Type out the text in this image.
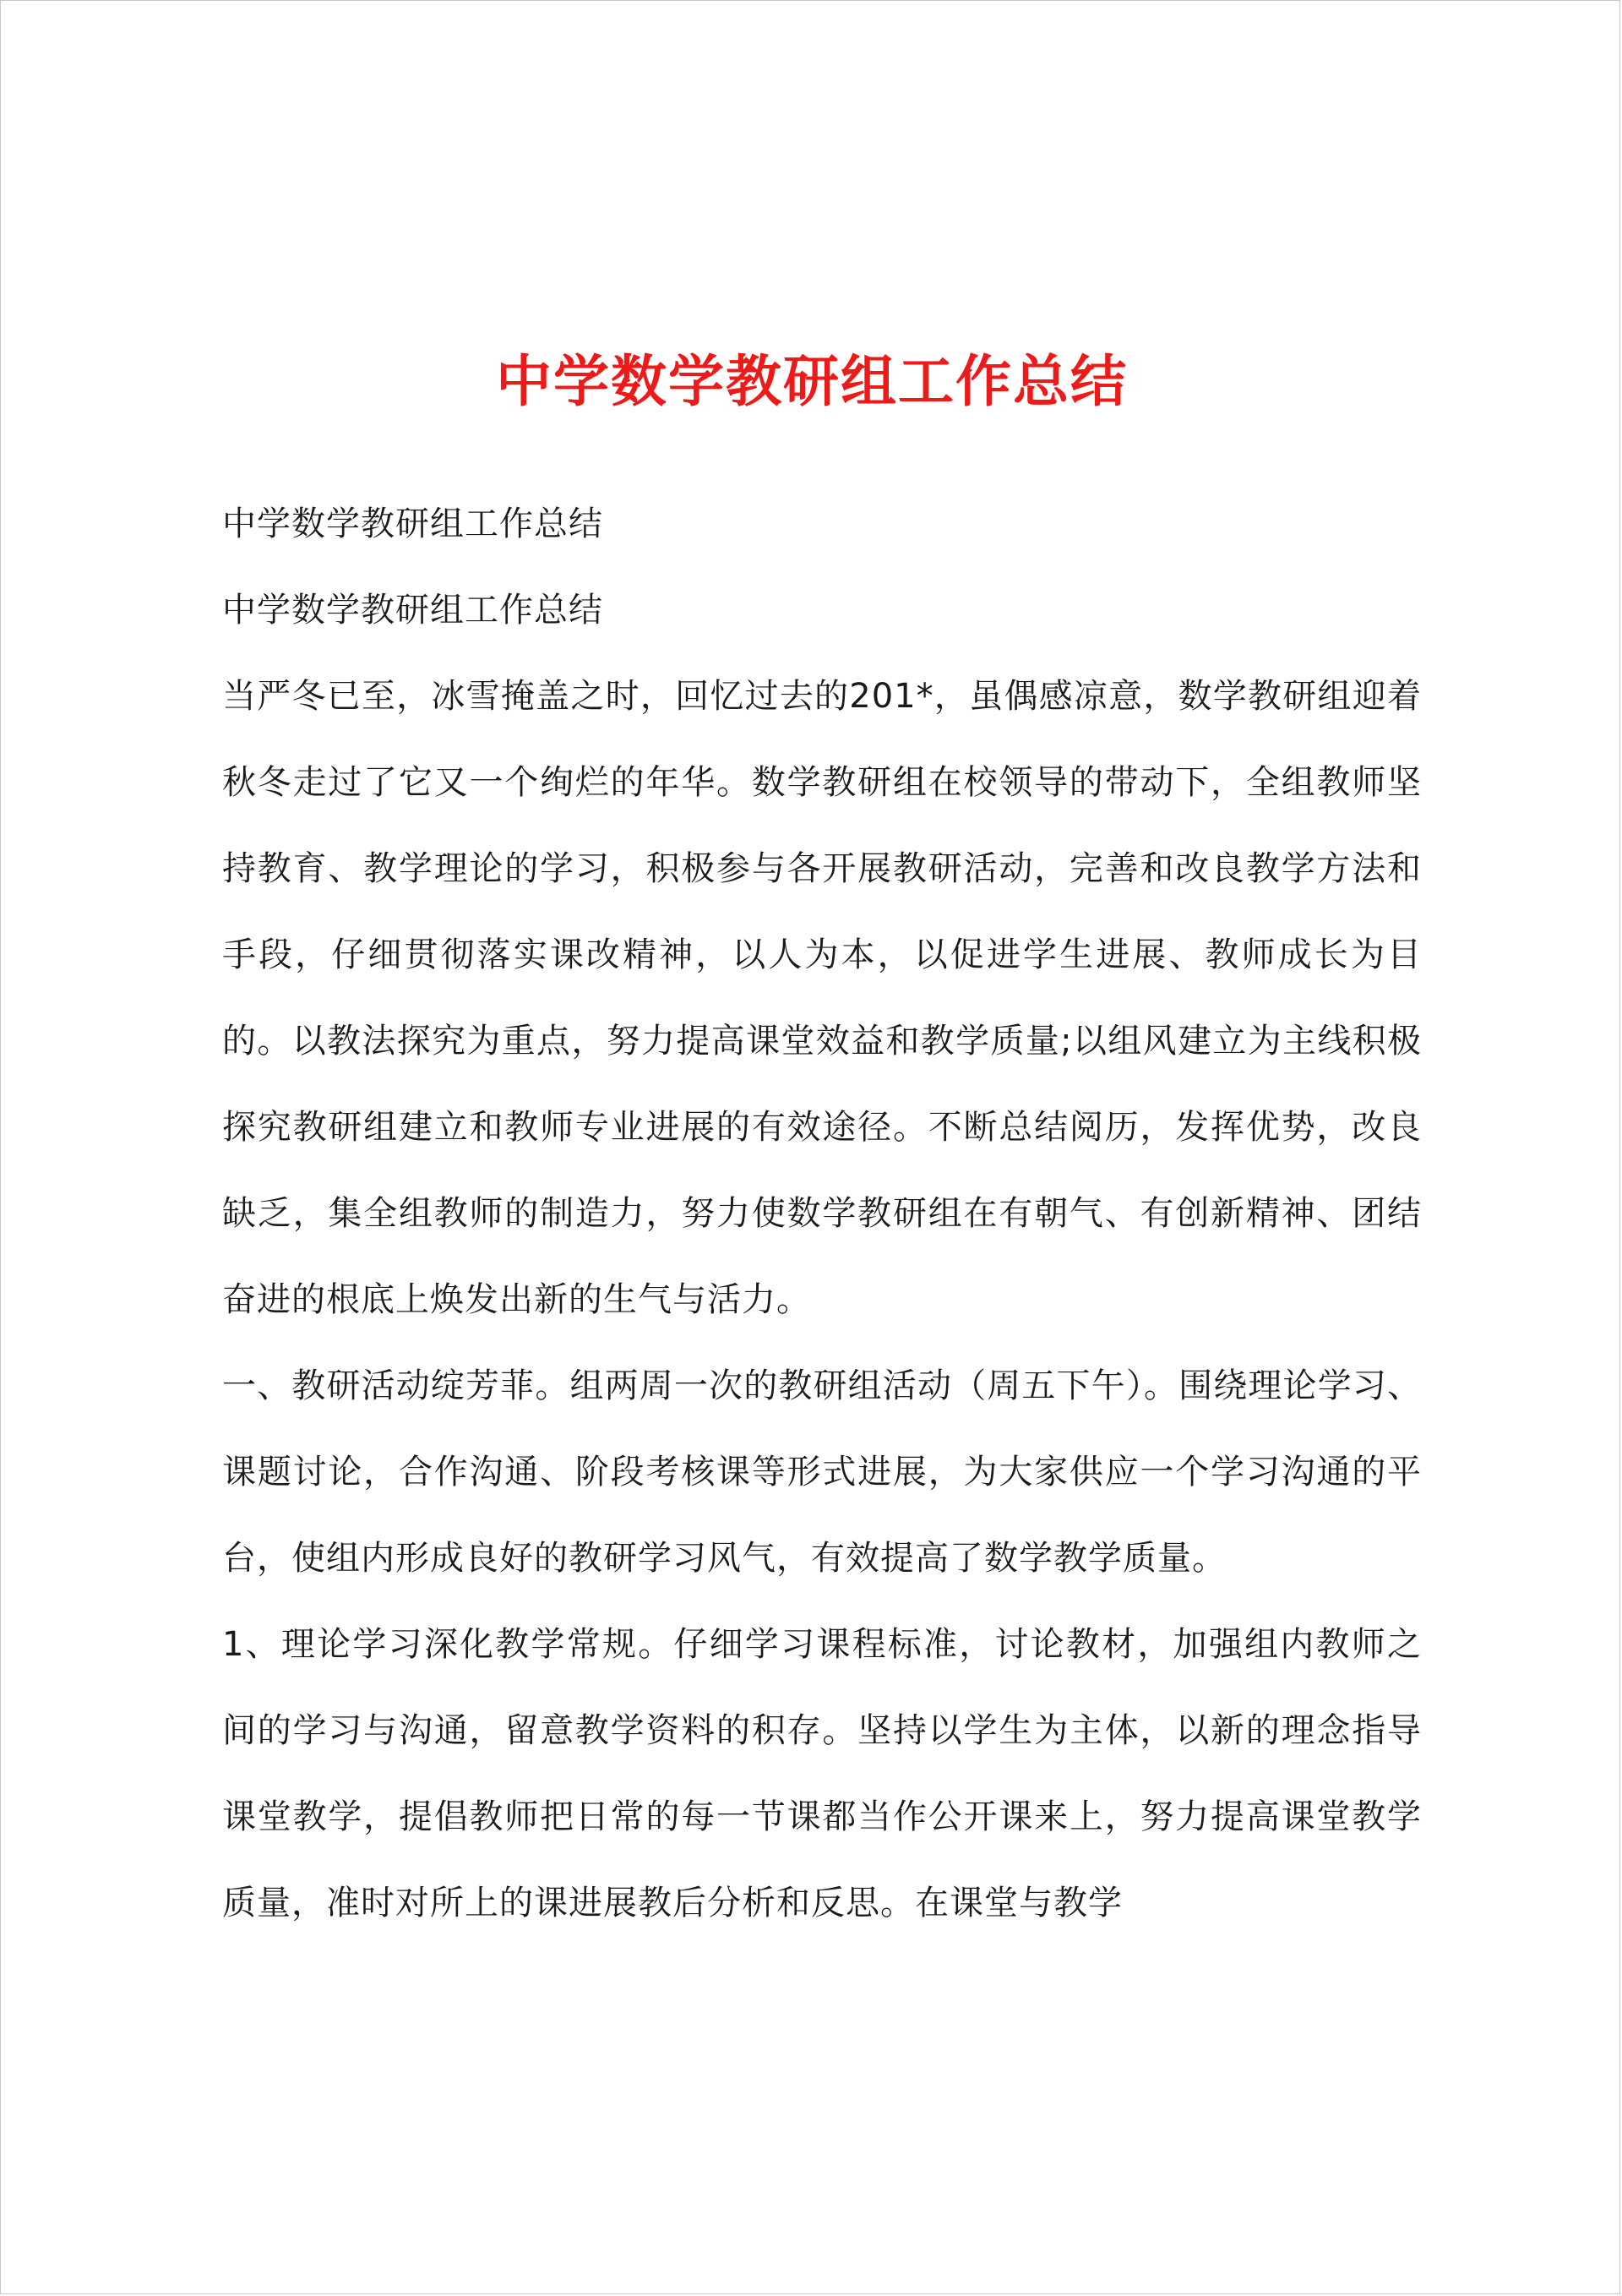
中学数学教研组工作总结

中学数学教研组工作总结

中学数学教研组工作总结

当严冬已至，冰雪掩盖之时，回忆过去的201*，虽偶感凉意，数学教研组迎着秋冬走过了它又一个绚烂的年华。数学教研组在校领导的带动下，全组教师坚持教育、教学理论的学习，积极参与各开展教研活动，完善和改良教学方法和手段，仔细贯彻落实课改精神，以人为本，以促进学生进展、教师成长为目的。以教法探究为重点，努力提高课堂效益和教学质量;以组风建立为主线积极探究教研组建立和教师专业进展的有效途径。不断总结阅历，发挥优势，改良缺乏，集全组教师的制造力，努力使数学教研组在有朝气、有创新精神、团结奋进的根底上焕发出新的生气与活力。

一、教研活动绽芳菲。组两周一次的教研组活动（周五下午）。围绕理论学习、课题讨论，合作沟通、阶段考核课等形式进展，为大家供应一个学习沟通的平台，使组内形成良好的教研学习风气，有效提高了数学教学质量。

1、理论学习深化教学常规。仔细学习课程标准，讨论教材，加强组内教师之间的学习与沟通，留意教学资料的积存。坚持以学生为主体，以新的理念指导课堂教学，提倡教师把日常的每一节课都当作公开课来上，努力提高课堂教学质量，准时对所上的课进展教后分析和反思。在课堂与教学
